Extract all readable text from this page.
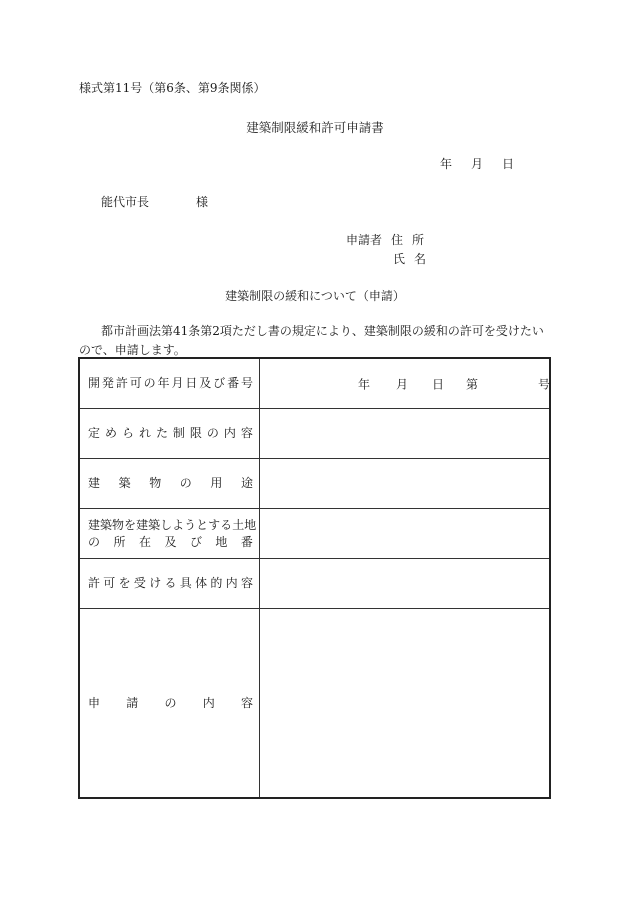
様式第11号（第6条、第9条関係）
建築制限緩和許可申請書
年 月 日
能代市長	様
申請者 住 所
氏 名
建築制限の緩和について（申請）
都市計画法第41条第2項ただし書の規定により、建築制限の緩和の許可を受けたいので、申請します。
開 発 許 可 の 年 月 日 及 び 番 号	年 月 日 第	号
定 め ら れ た 制 限 の 内 容
建 築 物 の 用 途
建 築 物 を 建 築 し よ う と す る 土 地
の 所 在 及 び 地 番
許 可 を 受 け る 具 体 的 内 容
申 請 の 内 容
